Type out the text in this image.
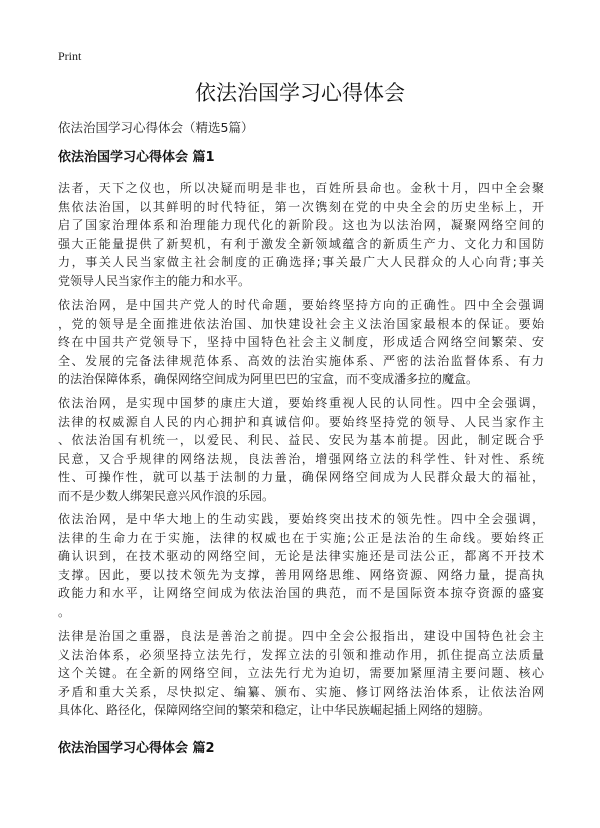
Print
依法治国学习心得体会
依法治国学习心得体会（精选5篇）
依法治国学习心得体会 篇1
法者，天下之仪也，所以决疑而明是非也，百姓所县命也。金秋十月，四中全会聚
焦依法治国，以其鲜明的时代特征，第一次镌刻在党的中央全会的历史坐标上，开
启了国家治理体系和治理能力现代化的新阶段。这也为以法治网，凝聚网络空间的
强大正能量提供了新契机，有利于激发全新领域蕴含的新质生产力、文化力和国防
力，事关人民当家做主社会制度的正确选择;事关最广大人民群众的人心向背;事关
党领导人民当家作主的能力和水平。
依法治网，是中国共产党人的时代命题，要始终坚持方向的正确性。四中全会强调
，党的领导是全面推进依法治国、加快建设社会主义法治国家最根本的保证。要始
终在中国共产党领导下，坚持中国特色社会主义制度，形成适合网络空间繁荣、安
全、发展的完备法律规范体系、高效的法治实施体系、严密的法治监督体系、有力
的法治保障体系，确保网络空间成为阿里巴巴的宝盒，而不变成潘多拉的魔盒。
依法治网，是实现中国梦的康庄大道，要始终重视人民的认同性。四中全会强调，
法律的权威源自人民的内心拥护和真诚信仰。要始终坚持党的领导、人民当家作主
、依法治国有机统一，以爱民、利民、益民、安民为基本前提。因此，制定既合乎
民意，又合乎规律的网络法规，良法善治，增强网络立法的科学性、针对性、系统
性、可操作性，就可以基于法制的力量，确保网络空间成为人民群众最大的福祉，
而不是少数人绑架民意兴风作浪的乐园。
依法治网，是中华大地上的生动实践，要始终突出技术的领先性。四中全会强调，
法律的生命力在于实施，法律的权威也在于实施;公正是法治的生命线。要始终正
确认识到，在技术驱动的网络空间，无论是法律实施还是司法公正，都离不开技术
支撑。因此，要以技术领先为支撑，善用网络思维、网络资源、网络力量，提高执
政能力和水平，让网络空间成为依法治国的典范，而不是国际资本掠夺资源的盛宴
。
法律是治国之重器，良法是善治之前提。四中全会公报指出，建设中国特色社会主
义法治体系，必须坚持立法先行，发挥立法的引领和推动作用，抓住提高立法质量
这个关键。在全新的网络空间，立法先行尤为迫切，需要加紧厘清主要问题、核心
矛盾和重大关系，尽快拟定、编纂、颁布、实施、修订网络法治体系，让依法治网
具体化、路径化，保障网络空间的繁荣和稳定，让中华民族崛起插上网络的翅膀。
依法治国学习心得体会 篇2
